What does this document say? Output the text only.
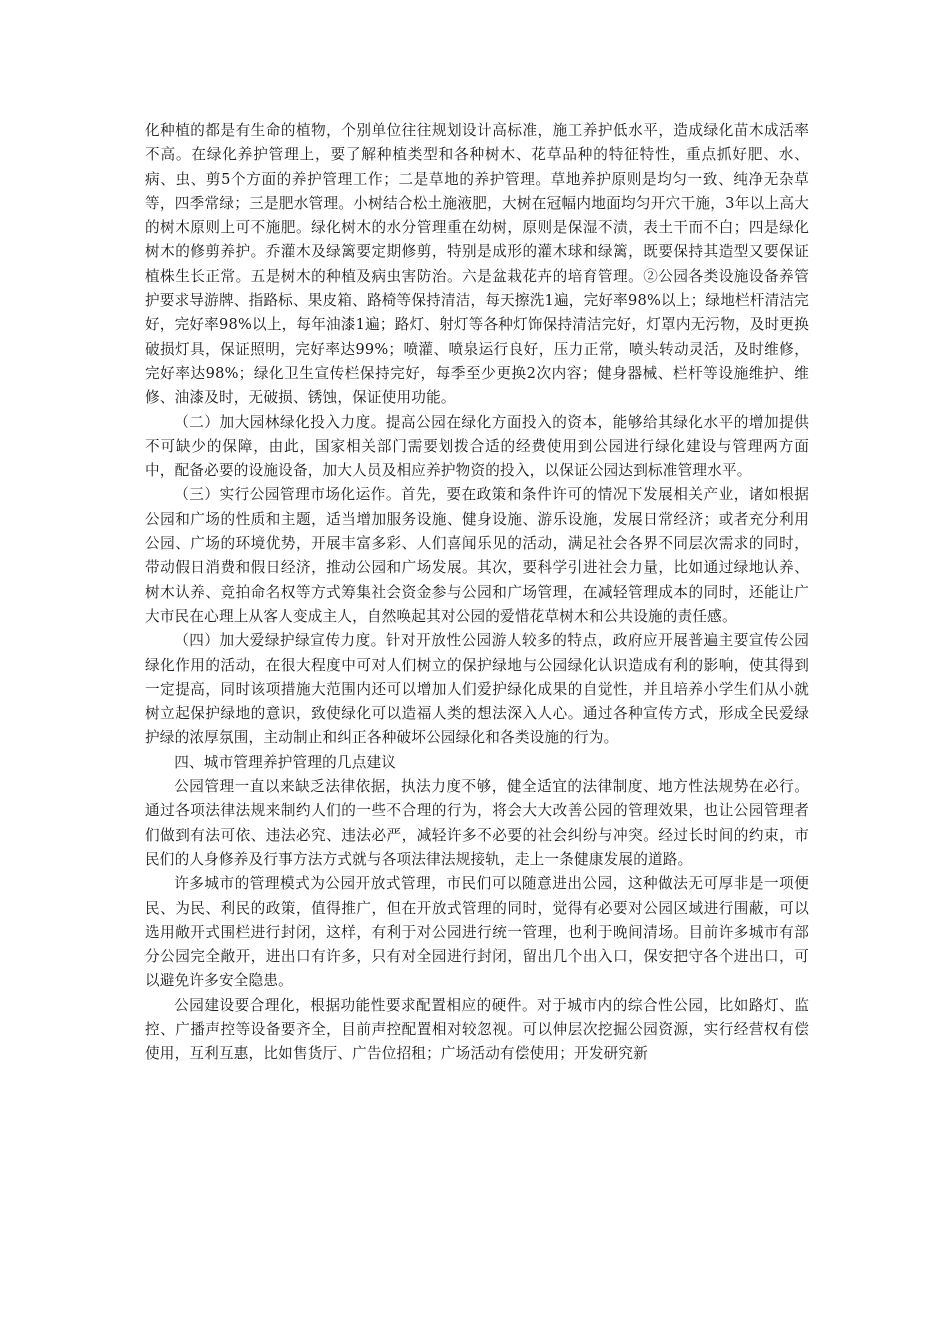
化种植的都是有生命的植物，个别单位往往规划设计高标准，施工养护低水平，造成绿化苗木成活率不高。在绿化养护管理上，要了解种植类型和各种树木、花草品种的特征特性，重点抓好肥、水、病、虫、剪5个方面的养护管理工作；二是草地的养护管理。草地养护原则是均匀一致、纯净无杂草等，四季常绿；三是肥水管理。小树结合松土施液肥，大树在冠幅内地面均匀开穴干施，3年以上高大的树木原则上可不施肥。绿化树木的水分管理重在幼树，原则是保湿不渍，表土干而不白；四是绿化树木的修剪养护。乔灌木及绿篱要定期修剪，特别是成形的灌木球和绿篱，既要保持其造型又要保证植株生长正常。五是树木的种植及病虫害防治。六是盆栽花卉的培育管理。②公园各类设施设备养管护要求导游牌、指路标、果皮箱、路椅等保持清洁，每天擦洗1遍，完好率98%以上；绿地栏杆清洁完好，完好率98%以上，每年油漆1遍；路灯、射灯等各种灯饰保持清洁完好，灯罩内无污物，及时更换破损灯具，保证照明，完好率达99%；喷灌、喷泉运行良好，压力正常，喷头转动灵活，及时维修，完好率达98%；绿化卫生宣传栏保持完好，每季至少更换2次内容；健身器械、栏杆等设施维护、维修、油漆及时，无破损、锈蚀，保证使用功能。

（二）加大园林绿化投入力度。提高公园在绿化方面投入的资本，能够给其绿化水平的增加提供不可缺少的保障，由此，国家相关部门需要划拨合适的经费使用到公园进行绿化建设与管理两方面中，配备必要的设施设备，加大人员及相应养护物资的投入，以保证公园达到标准管理水平。

（三）实行公园管理市场化运作。首先，要在政策和条件许可的情况下发展相关产业，诸如根据公园和广场的性质和主题，适当增加服务设施、健身设施、游乐设施，发展日常经济；或者充分利用公园、广场的环境优势，开展丰富多彩、人们喜闻乐见的活动，满足社会各界不同层次需求的同时，带动假日消费和假日经济，推动公园和广场发展。其次，要科学引进社会力量，比如通过绿地认养、树木认养、竞拍命名权等方式筹集社会资金参与公园和广场管理，在减轻管理成本的同时，还能让广大市民在心理上从客人变成主人，自然唤起其对公园的爱惜花草树木和公共设施的责任感。

（四）加大爱绿护绿宣传力度。针对开放性公园游人较多的特点，政府应开展普遍主要宣传公园绿化作用的活动，在很大程度中可对人们树立的保护绿地与公园绿化认识造成有利的影响，使其得到一定提高，同时该项措施大范围内还可以增加人们爱护绿化成果的自觉性，并且培养小学生们从小就树立起保护绿地的意识，致使绿化可以造福人类的想法深入人心。通过各种宣传方式，形成全民爱绿护绿的浓厚氛围，主动制止和纠正各种破坏公园绿化和各类设施的行为。

四、城市管理养护管理的几点建议

公园管理一直以来缺乏法律依据，执法力度不够，健全适宜的法律制度、地方性法规势在必行。通过各项法律法规来制约人们的一些不合理的行为，将会大大改善公园的管理效果，也让公园管理者们做到有法可依、违法必究、违法必严，减轻许多不必要的社会纠纷与冲突。经过长时间的约束，市民们的人身修养及行事方法方式就与各项法律法规接轨，走上一条健康发展的道路。

许多城市的管理模式为公园开放式管理，市民们可以随意进出公园，这种做法无可厚非是一项便民、为民、利民的政策，值得推广，但在开放式管理的同时，觉得有必要对公园区域进行围蔽，可以选用敞开式围栏进行封闭，这样，有利于对公园进行统一管理，也利于晚间清场。目前许多城市有部分公园完全敞开，进出口有许多，只有对全园进行封闭，留出几个出入口，保安把守各个进出口，可以避免许多安全隐患。

公园建设要合理化，根据功能性要求配置相应的硬件。对于城市内的综合性公园，比如路灯、监控、广播声控等设备要齐全，目前声控配置相对较忽视。可以伸层次挖掘公园资源，实行经营权有偿使用，互利互惠，比如售货厅、广告位招租；广场活动有偿使用；开发研究新
